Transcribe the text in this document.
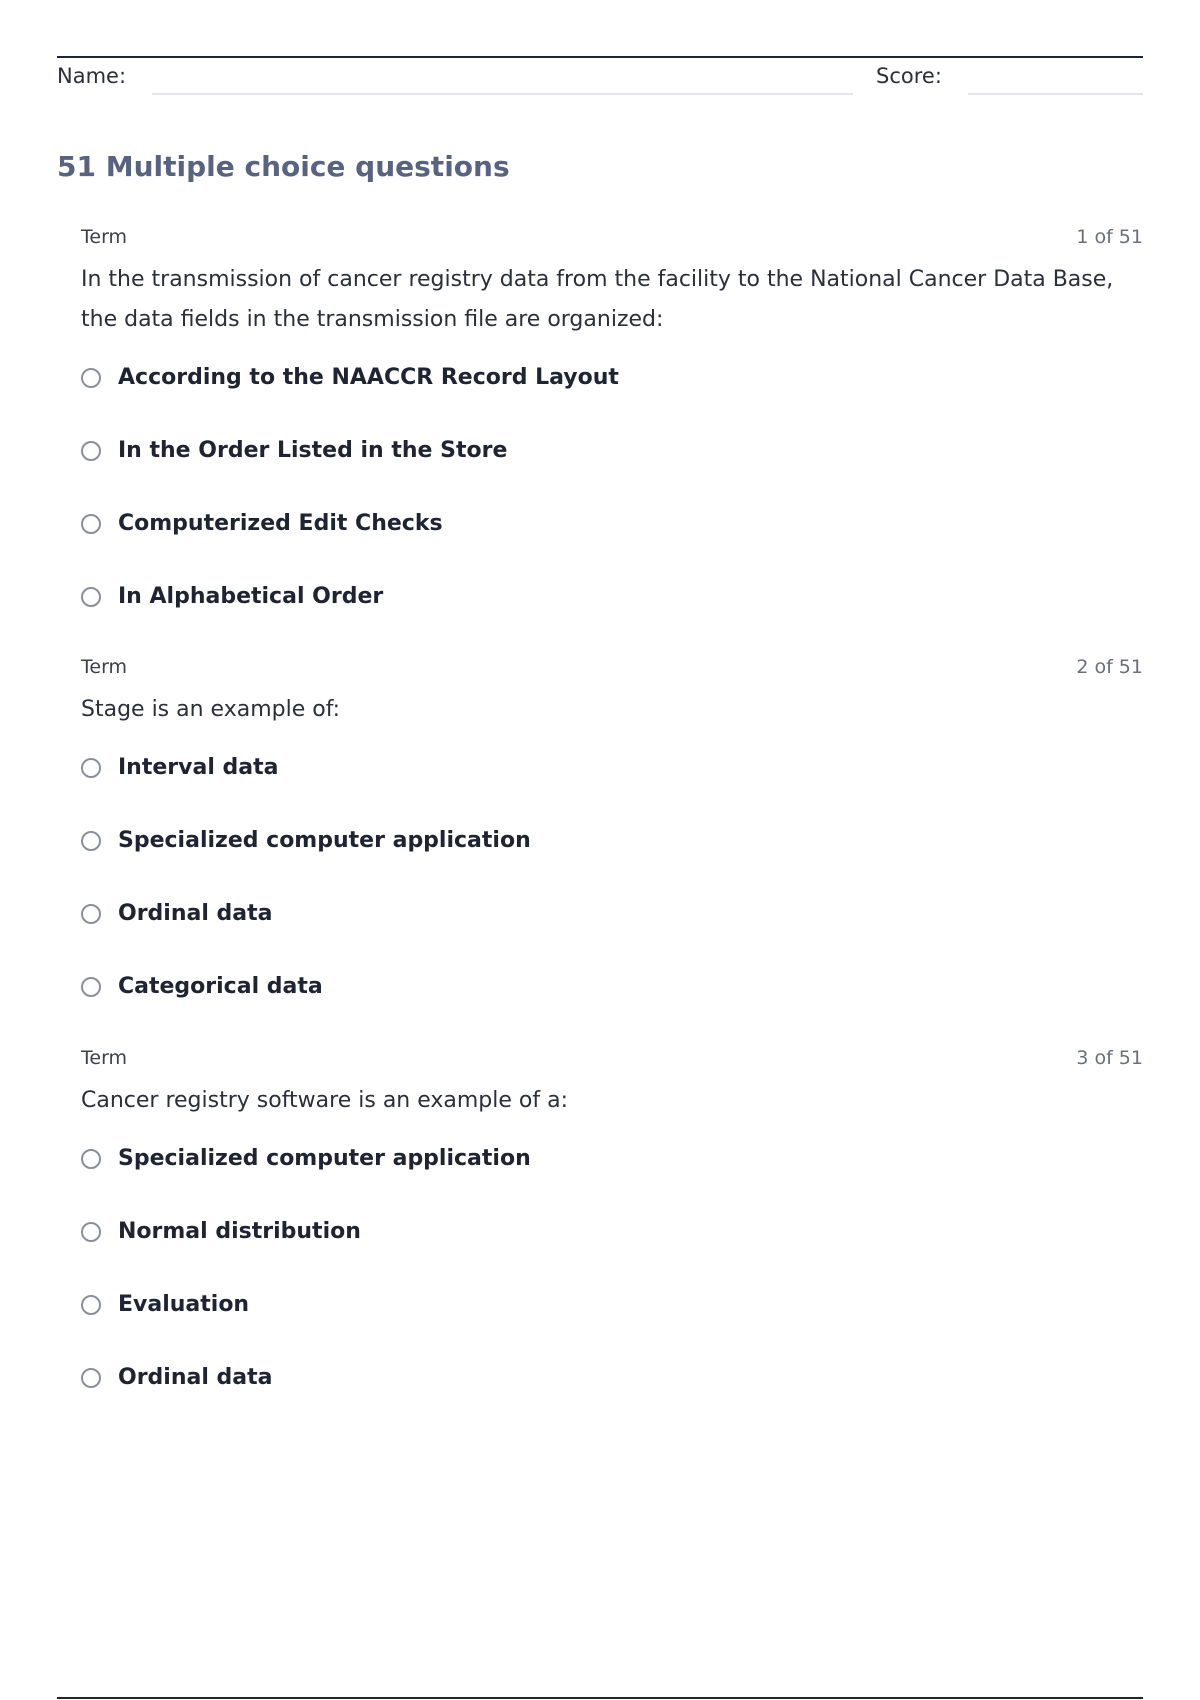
Name:	Score:
51 Multiple choice questions
Term	1 of 51

In the transmission of cancer registry data from the facility to the National Cancer Data Base, the data fields in the transmission file are organized:

According to the NAACCR Record Layout
In the Order Listed in the Store
Computerized Edit Checks
In Alphabetical Order
Term	2 of 51

Stage is an example of:

Interval data
Specialized computer application
Ordinal data
Categorical data
Term	3 of 51

Cancer registry software is an example of a:

Specialized computer application
Normal distribution
Evaluation
Ordinal data
